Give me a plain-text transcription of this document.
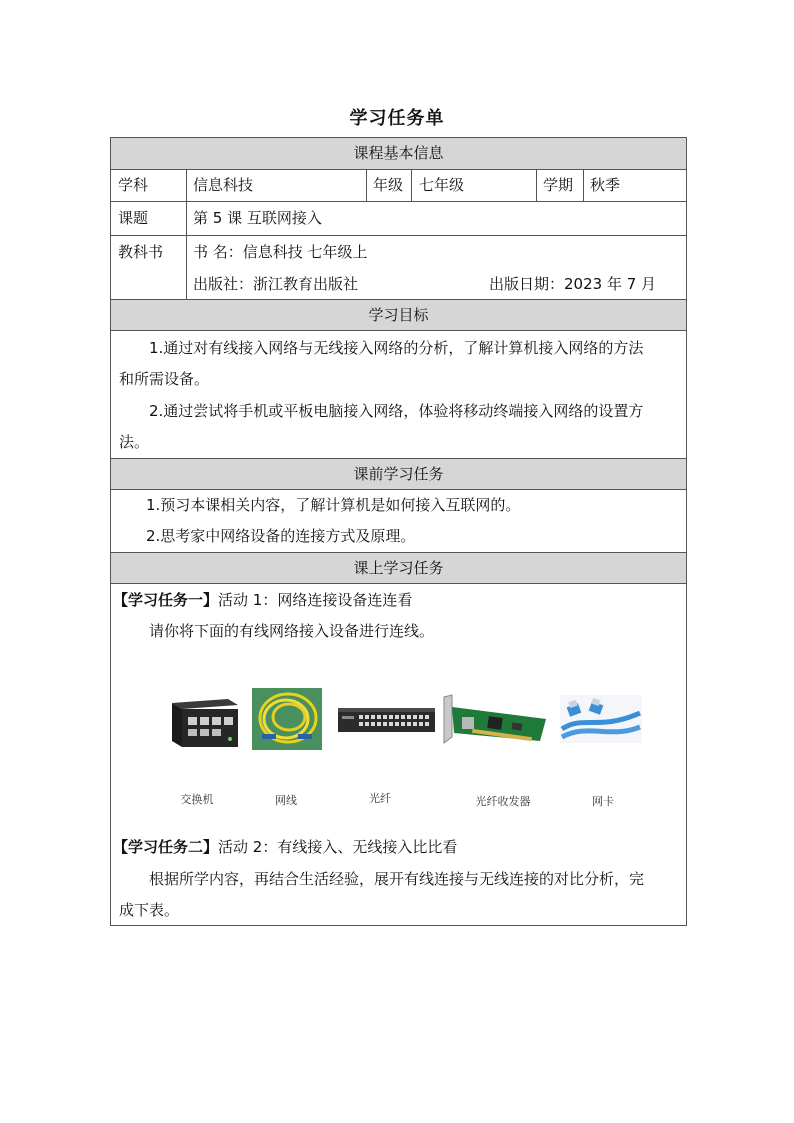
学习任务单
课程基本信息
学科	信息科技	年级 七年级	学期 秋季
课题	第 5 课 互联网接入
教科书 书 名：信息科技 七年级上
出版社：浙江教育出版社	出版日期：2023 年 7 月
学习目标
1.通过对有线接入网络与无线接入网络的分析，了解计算机接入网络的方法
和所需设备。
2.通过尝试将手机或平板电脑接入网络，体验将移动终端接入网络的设置方
法。
课前学习任务
1.预习本课相关内容，了解计算机是如何接入互联网的。
2.思考家中网络设备的连接方式及原理。
课上学习任务
【学习任务一】活动 1：网络连接设备连连看
请你将下面的有线网络接入设备进行连线。
交换机	网线	光纤	光纤收发器	网卡
【学习任务二】活动 2：有线接入、无线接入比比看
根据所学内容，再结合生活经验，展开有线连接与无线连接的对比分析，完
成下表。
